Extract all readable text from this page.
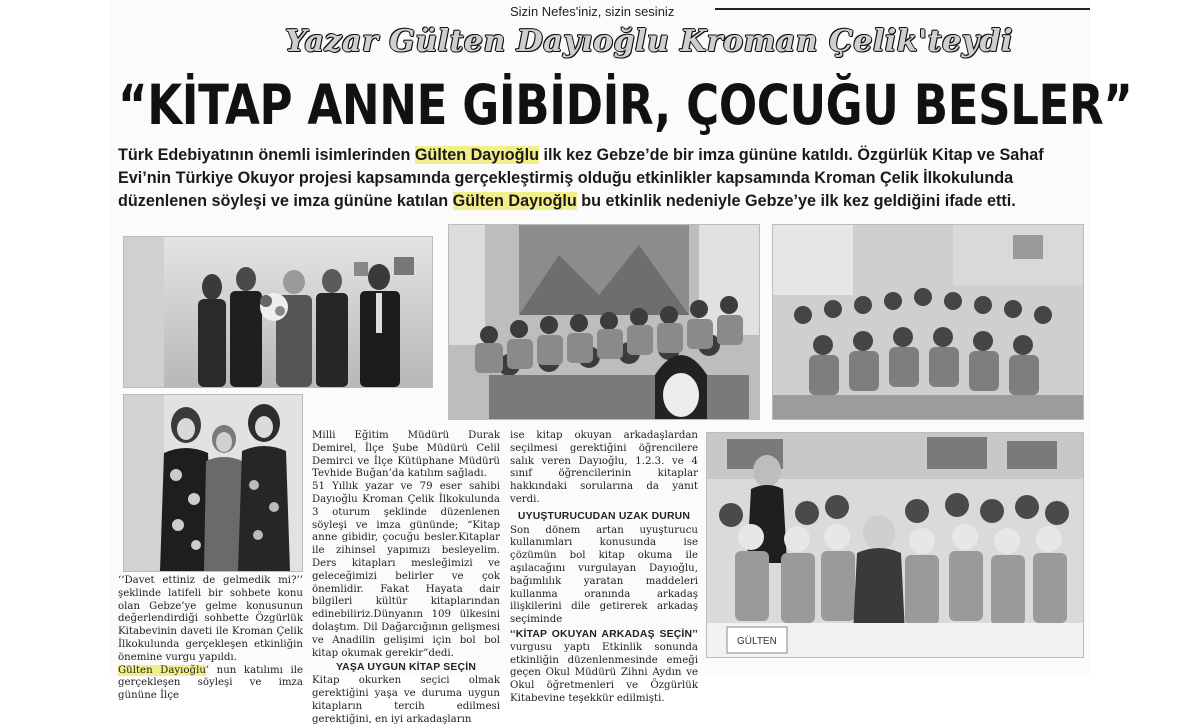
Sizin Nefes'iniz, sizin sesiniz
Yazar Gülten Dayıoğlu Kroman Çelik'teydi
“KİTAP ANNE GİBİDİR, ÇOCUĞU BESLER”
Türk Edebiyatının önemli isimlerinden Gülten Dayıoğlu ilk kez Gebze’de bir imza gününe katıldı. Özgürlük Kitap ve Sahaf Evi’nin Türkiye Okuyor projesi kapsamında gerçekleştirmiş olduğu etkinlikler kapsamında Kroman Çelik İlkokulunda düzenlenen söyleşi ve imza gününe katılan Gülten Dayıoğlu bu etkinlik nedeniyle Gebze’ye ilk kez geldiğini ifade etti.
GÜLTEN
‘‘Davet ettiniz de gelmedik mi?’’ şeklinde latifeli bir sohbete konu olan Gebze’ye gelme konusunun değerlendirdiği sohbette Özgürlük Kitabevinin daveti ile Kroman Çelik İlkokulunda gerçekleşen etkinliğin önemine vurgu yapıldı.
Gülten Dayıoğlu’ nun katılımı ile gerçekleşen söyleşi ve imza gününe İlçe
Milli Eğitim Müdürü Durak Demirel, İlçe Şube Müdürü Celil Demirci ve İlçe Kütüphane Müdürü Tevhide Buğan’da katılım sağladı.
51 Yıllık yazar ve 79 eser sahibi Dayıoğlu Kroman Çelik İlkokulunda 3 oturum şeklinde düzenlenen söyleşi ve imza gününde; “Kitap anne gibidir, çocuğu besler.Kitaplar ile zihinsel yapımızı besleyelim. Ders kitapları mesleğimizi ve geleceğimizi belirler ve çok önemlidir. Fakat Hayata dair bilgileri kültür kitaplarından edinebiliriz.Dünyanın 109 ülkesini dolaştım. Dil Dağarcığının gelişmesi ve Anadilin gelişimi için bol bol kitap okumak gerekir”dedi.
YAŞA UYGUN KİTAP SEÇİN
Kitap okurken seçici olmak gerektiğini yaşa ve duruma uygun kitapların tercih edilmesi gerektiğini, en iyi arkadaşların
ise kitap okuyan arkadaşlardan seçilmesi gerektiğini öğrencilere salık veren Dayıoğlu, 1.2.3. ve 4 sınıf öğrencilerinin kitaplar hakkındaki sorularına da yanıt verdi.
UYUŞTURUCUDAN UZAK DURUN
Son dönem artan uyuşturucu kullanımları konusunda ise çözümün bol kitap okuma ile aşılacağını vurgulayan Dayıoğlu, bağımlılık yaratan maddeleri kullanma oranında arkadaş ilişkilerini dile getirerek arkadaş seçiminde
‘‘KİTAP OKUYAN ARKADAŞ SEÇİN’’ vurgusu yaptı Etkinlik sonunda etkinliğin düzenlenmesinde emeği geçen Okul Müdürü Zihni Aydın ve Okul öğretmenleri ve Özgürlük Kitabevine teşekkür edilmişti.
